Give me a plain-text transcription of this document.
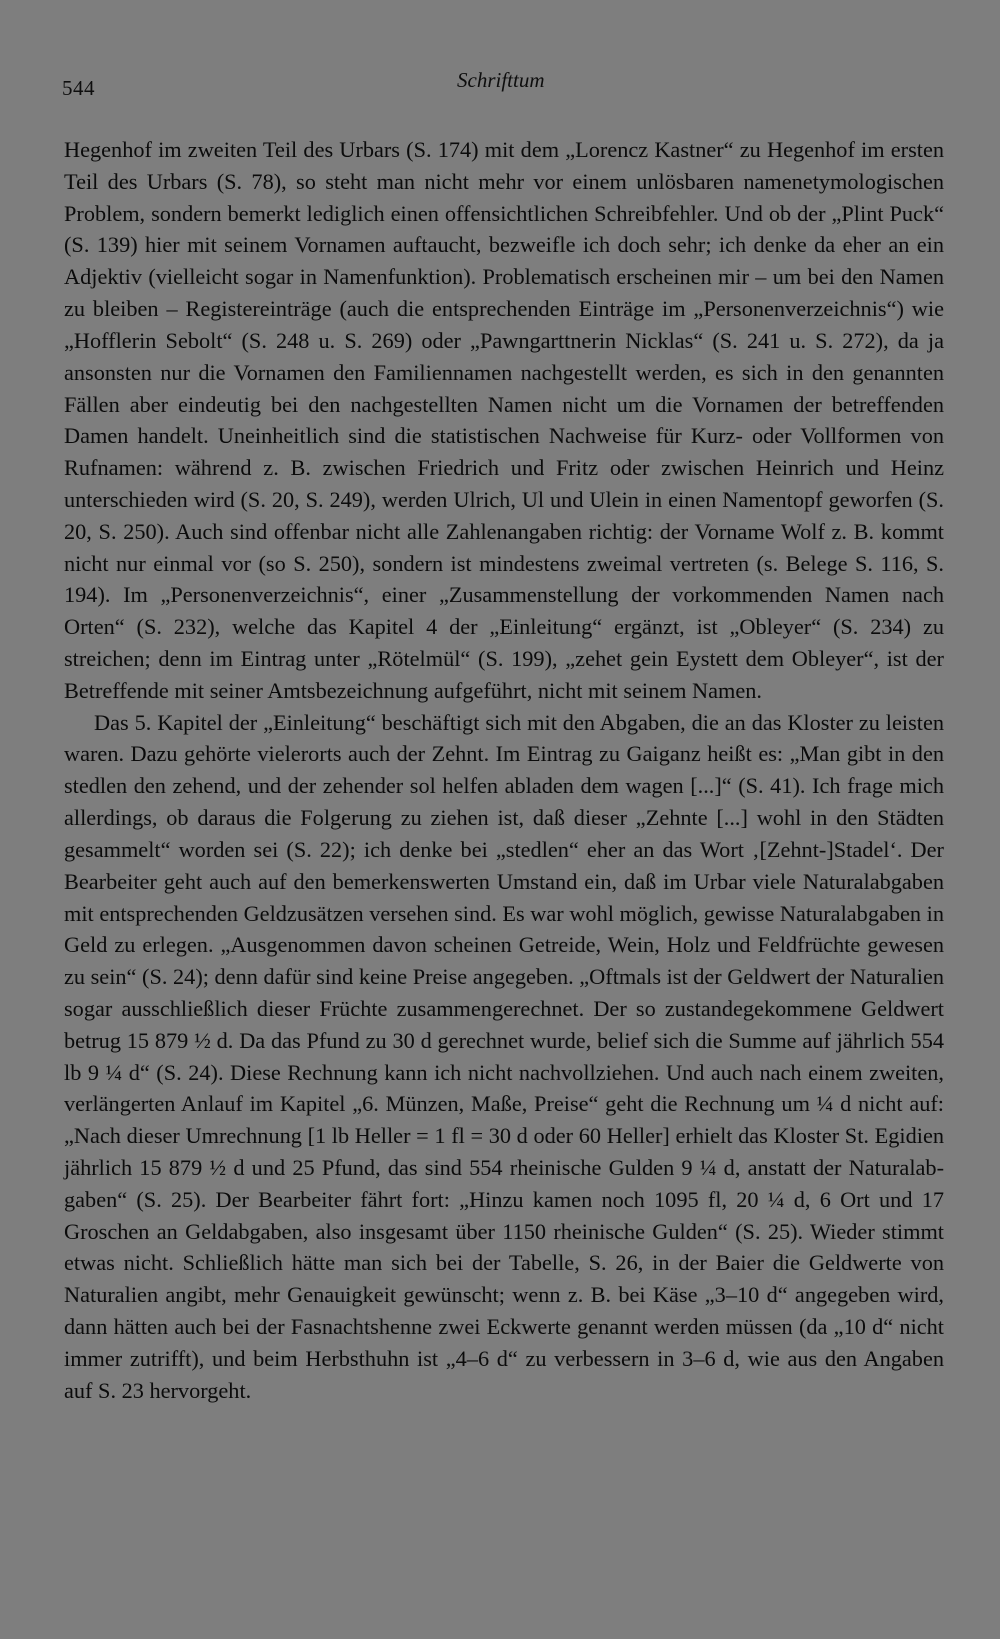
544	Schrifttum

Hegenhof im zweiten Teil des Urbars (S. 174) mit dem „Lorencz Kastner“ zu Hegenhof im ersten Teil des Urbars (S. 78), so steht man nicht mehr vor einem unlösbaren namenetymologischen Problem, sondern bemerkt lediglich einen offensichtlichen Schreibfehler. Und ob der „Plint Puck“ (S. 139) hier mit seinem Vornamen auftaucht, bezweifle ich doch sehr; ich denke da eher an ein Adjektiv (vielleicht sogar in Namenfunktion). Problematisch erscheinen mir – um bei den Namen zu bleiben – Registereinträge (auch die entsprechenden Einträge im „Personenverzeichnis“) wie „Hofflerin Sebolt“ (S. 248 u. S. 269) oder „Pawngarttnerin Nicklas“ (S. 241 u. S. 272), da ja ansonsten nur die Vornamen den Familiennamen nachgestellt werden, es sich in den genannten Fällen aber eindeutig bei den nachgestellten Namen nicht um die Vornamen der betreffenden Damen handelt. Uneinheitlich sind die statistischen Nachweise für Kurz- oder Vollformen von Rufnamen: während z. B. zwischen Friedrich und Fritz oder zwischen Heinrich und Heinz unterschieden wird (S. 20, S. 249), werden Ulrich, Ul und Ulein in einen Namentopf geworfen (S. 20, S. 250). Auch sind offenbar nicht alle Zahlenangaben richtig: der Vorname Wolf z. B. kommt nicht nur einmal vor (so S. 250), sondern ist mindestens zweimal vertreten (s. Belege S. 116, S. 194). Im „Personenverzeichnis“, einer „Zusammenstellung der vorkommenden Namen nach Orten“ (S. 232), welche das Kapitel 4 der „Einleitung“ ergänzt, ist „Obleyer“ (S. 234) zu streichen; denn im Eintrag unter „Rötelmül“ (S. 199), „zehet gein Eystett dem Obleyer“, ist der Betreffende mit seiner Amtsbezeichnung aufgeführt, nicht mit seinem Namen.

Das 5. Kapitel der „Einleitung“ beschäftigt sich mit den Abgaben, die an das Kloster zu leisten waren. Dazu gehörte vielerorts auch der Zehnt. Im Eintrag zu Gaiganz heißt es: „Man gibt in den stedlen den zehend, und der zehender sol helfen abladen dem wagen [...]“ (S. 41). Ich frage mich allerdings, ob daraus die Folgerung zu ziehen ist, daß dieser „Zehnte [...] wohl in den Städten gesammelt“ worden sei (S. 22); ich denke bei „stedlen“ eher an das Wort ‚[Zehnt-]Stadel‘. Der Bearbeiter geht auch auf den bemerkenswerten Umstand ein, daß im Urbar viele Naturalabgaben mit entsprechenden Geldzusätzen versehen sind. Es war wohl möglich, gewisse Naturalabgaben in Geld zu erlegen. „Ausgenommen davon scheinen Getreide, Wein, Holz und Feldfrüchte gewesen zu sein“ (S. 24); denn dafür sind keine Preise angegeben. „Oftmals ist der Geldwert der Naturalien sogar ausschließlich dieser Früchte zusammengerechnet. Der so zustandegekommene Geldwert betrug 15 879 ½ d. Da das Pfund zu 30 d gerechnet wurde, belief sich die Summe auf jährlich 554 lb 9 ¼ d“ (S. 24). Diese Rechnung kann ich nicht nachvollziehen. Und auch nach einem zweiten, verlängerten Anlauf im Kapitel „6. Münzen, Maße, Preise“ geht die Rechnung um ¼ d nicht auf: „Nach dieser Umrechnung [1 lb Heller = 1 fl = 30 d oder 60 Heller] erhielt das Kloster St. Egidien jährlich 15 879 ½ d und 25 Pfund, das sind 554 rheinische Gulden 9 ¼ d, anstatt der Naturalabgaben“ (S. 25). Der Bearbeiter fährt fort: „Hinzu kamen noch 1095 fl, 20 ¼ d, 6 Ort und 17 Groschen an Geldabgaben, also insgesamt über 1150 rheinische Gulden“ (S. 25). Wieder stimmt etwas nicht. Schließlich hätte man sich bei der Tabelle, S. 26, in der Baier die Geldwerte von Naturalien angibt, mehr Genauigkeit gewünscht; wenn z. B. bei Käse „3–10 d“ angegeben wird, dann hätten auch bei der Fasnachtshenne zwei Eckwerte genannt werden müssen (da „10 d“ nicht immer zutrifft), und beim Herbsthuhn ist „4–6 d“ zu verbessern in 3–6 d, wie aus den Angaben auf S. 23 hervorgeht.
